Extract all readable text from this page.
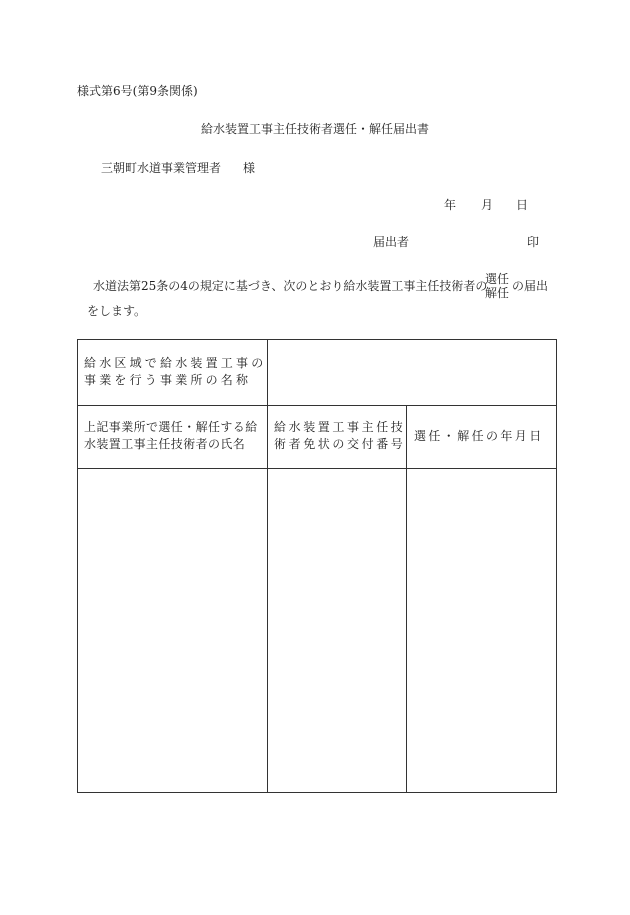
様式第6号(第9条関係)
給水装置工事主任技術者選任・解任届出書
三朝町水道事業管理者 様
年 月 日
届出者	印
水道法第25条の4の規定に基づき、次のとおり給水装置工事主任技術者の
選任
解任 の届出
をします。
給水区域で給水装置工事の
事業を行う事業所の名称
上記事業所で選任・解任する給
水装置工事主任技術者の氏名
給水装置工事主任技
術者免状の交付番号
選任・解任の年月日
